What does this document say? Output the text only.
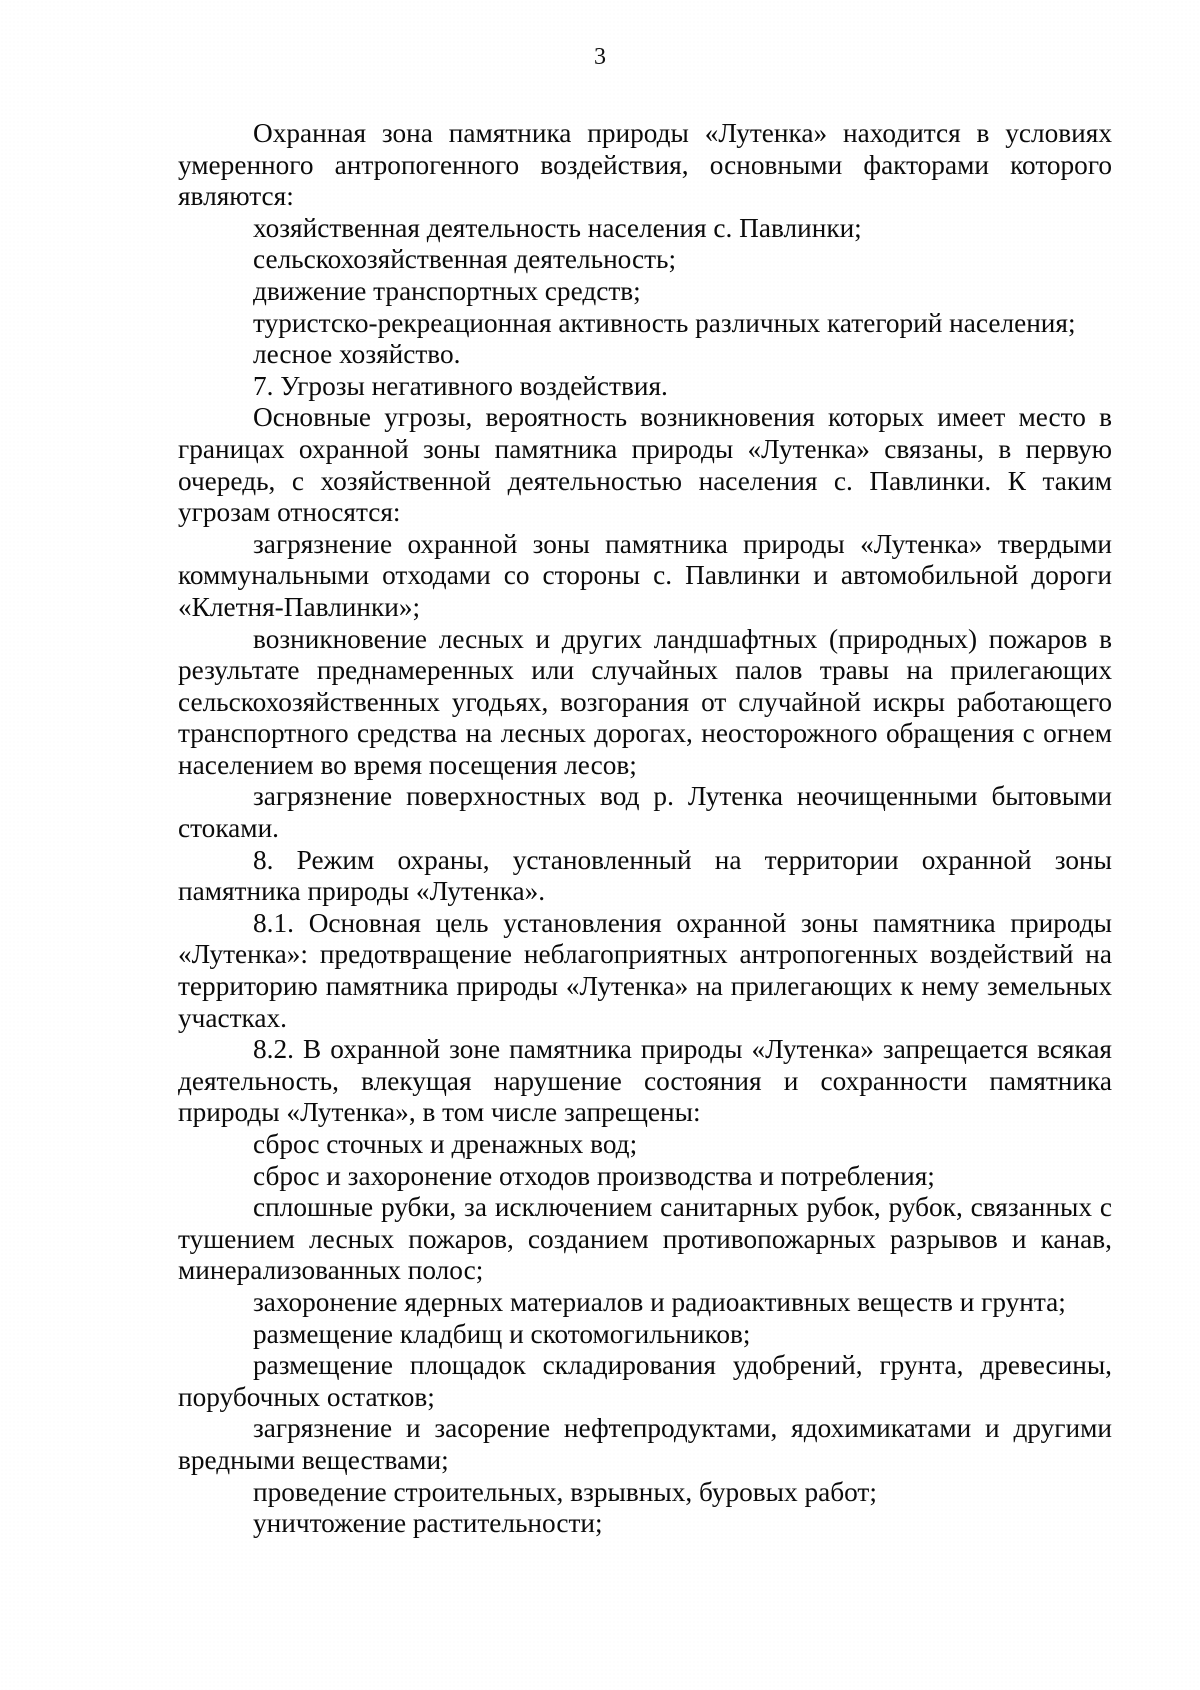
3

Охранная зона памятника природы «Лутенка» находится в условиях умеренного антропогенного воздействия, основными факторами которого являются:

хозяйственная деятельность населения с. Павлинки;

сельскохозяйственная деятельность;

движение транспортных средств;

туристско-рекреационная активность различных категорий населения;

лесное хозяйство.

7. Угрозы негативного воздействия.

Основные угрозы, вероятность возникновения которых имеет место в границах охранной зоны памятника природы «Лутенка» связаны, в первую очередь, с хозяйственной деятельностью населения с. Павлинки. К таким угрозам относятся:

загрязнение охранной зоны памятника природы «Лутенка» твердыми коммунальными отходами со стороны с. Павлинки и автомобильной дороги «Клетня-Павлинки»;

возникновение лесных и других ландшафтных (природных) пожаров в результате преднамеренных или случайных палов травы на прилегающих сельскохозяйственных угодьях, возгорания от случайной искры работающего транспортного средства на лесных дорогах, неосторожного обращения с огнем населением во время посещения лесов;

загрязнение поверхностных вод р. Лутенка неочищенными бытовыми стоками.

8. Режим охраны, установленный на территории охранной зоны памятника природы «Лутенка».

8.1. Основная цель установления охранной зоны памятника природы «Лутенка»: предотвращение неблагоприятных антропогенных воздействий на территорию памятника природы «Лутенка» на прилегающих к нему земельных участках.

8.2. В охранной зоне памятника природы «Лутенка» запрещается всякая деятельность, влекущая нарушение состояния и сохранности памятника природы «Лутенка», в том числе запрещены:

сброс сточных и дренажных вод;

сброс и захоронение отходов производства и потребления;

сплошные рубки, за исключением санитарных рубок, рубок, связанных с тушением лесных пожаров, созданием противопожарных разрывов и канав, минерализованных полос;

захоронение ядерных материалов и радиоактивных веществ и грунта;

размещение кладбищ и скотомогильников;

размещение площадок складирования удобрений, грунта, древесины, порубочных остатков;

загрязнение и засорение нефтепродуктами, ядохимикатами и другими вредными веществами;

проведение строительных, взрывных, буровых работ;

уничтожение растительности;
